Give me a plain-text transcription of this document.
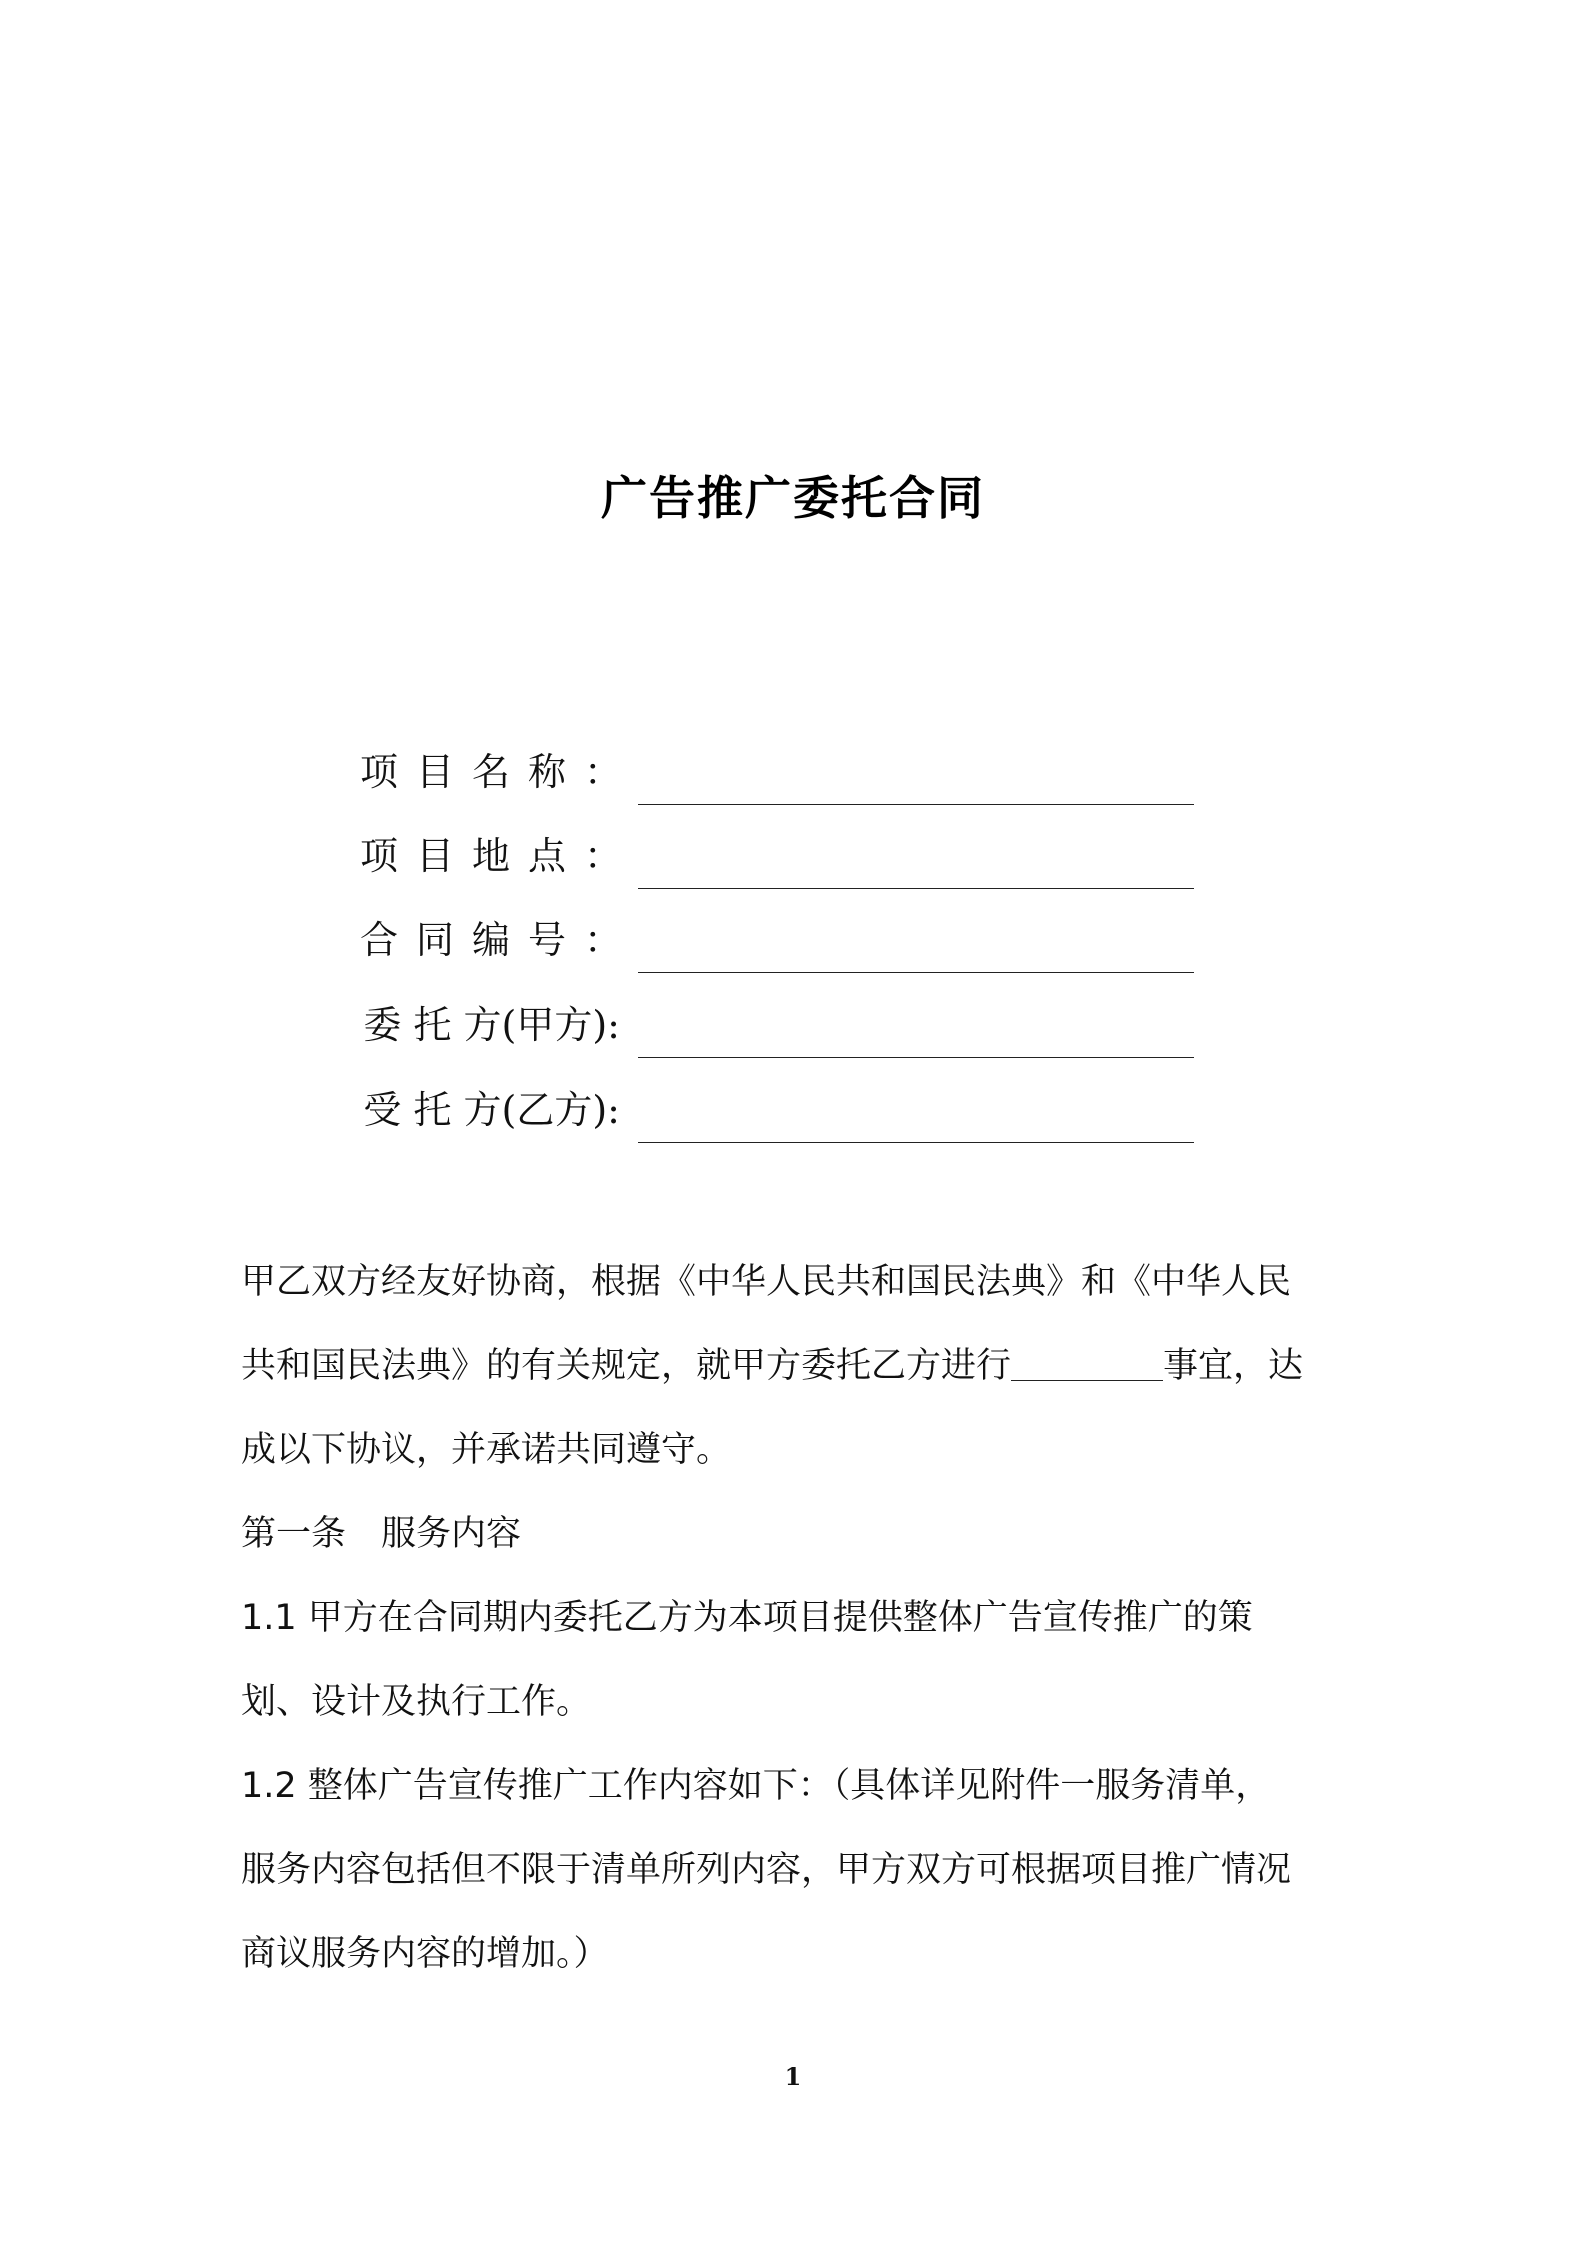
广告推广委托合同
项目名称：
项目地点：
合同编号：
委 托 方(甲方):
受 托 方(乙方):

甲乙双方经友好协商，根据《中华人民共和国民法典》和《中华人民

共和国民法典》的有关规定，就甲方委托乙方进行	事宜，达

成以下协议，并承诺共同遵守。

第一条　服务内容

1.1 甲方在合同期内委托乙方为本项目提供整体广告宣传推广的策

划、设计及执行工作。

1.2 整体广告宣传推广工作内容如下：（具体详见附件一服务清单，

服务内容包括但不限于清单所列内容，甲方双方可根据项目推广情况

商议服务内容的增加。）

1
